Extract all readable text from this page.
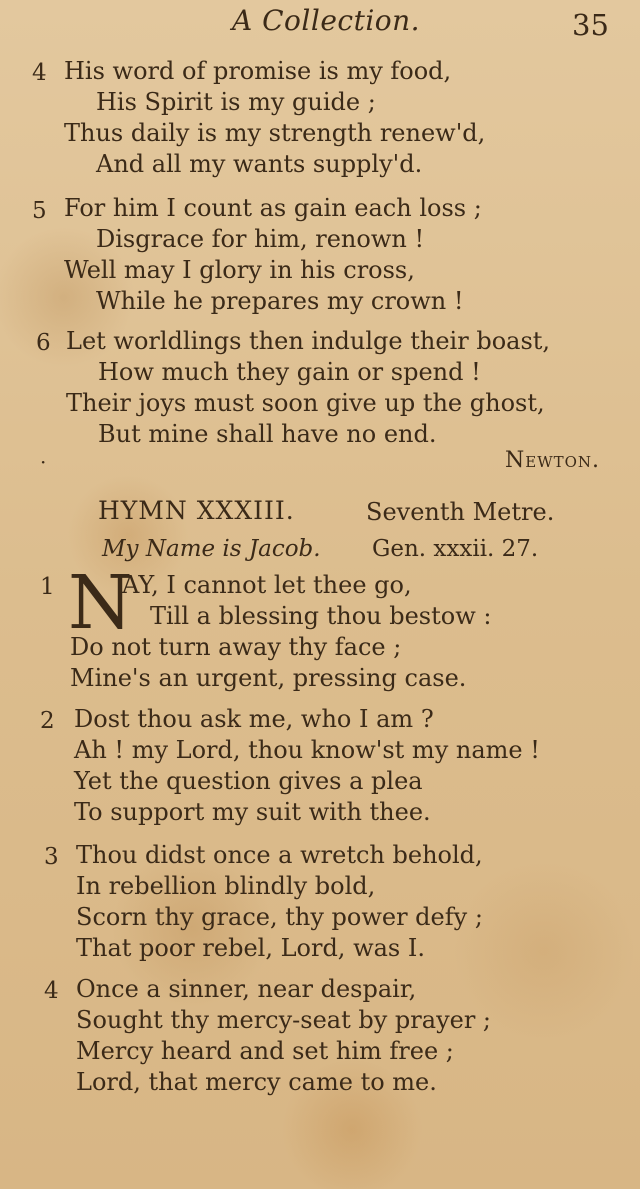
A Collection.	35
4 His word of promise is my food,
His Spirit is my guide ;
Thus daily is my strength renew'd,
And all my wants supply'd.
5 For him I count as gain each loss ;
Disgrace for him, renown !
Well may I glory in his cross,
While he prepares my crown !
6 Let worldlings then indulge their boast,
How much they gain or spend !
Their joys must soon give up the ghost,
But mine shall have no end.
·	Newton.
HYMN XXXIII.	Seventh Metre.
My Name is Jacob. Gen. xxxii. 27.
1 N
AY, I cannot let thee go,
Till a blessing thou bestow :
Do not turn away thy face ;
Mine's an urgent, pressing case.
2 Dost thou ask me, who I am ?
Ah ! my Lord, thou know'st my name !
Yet the question gives a plea
To support my suit with thee.
3 Thou didst once a wretch behold,
In rebellion blindly bold,
Scorn thy grace, thy power defy ;
That poor rebel, Lord, was I.
4 Once a sinner, near despair,
Sought thy mercy-seat by prayer ;
Mercy heard and set him free ;
Lord, that mercy came to me.
